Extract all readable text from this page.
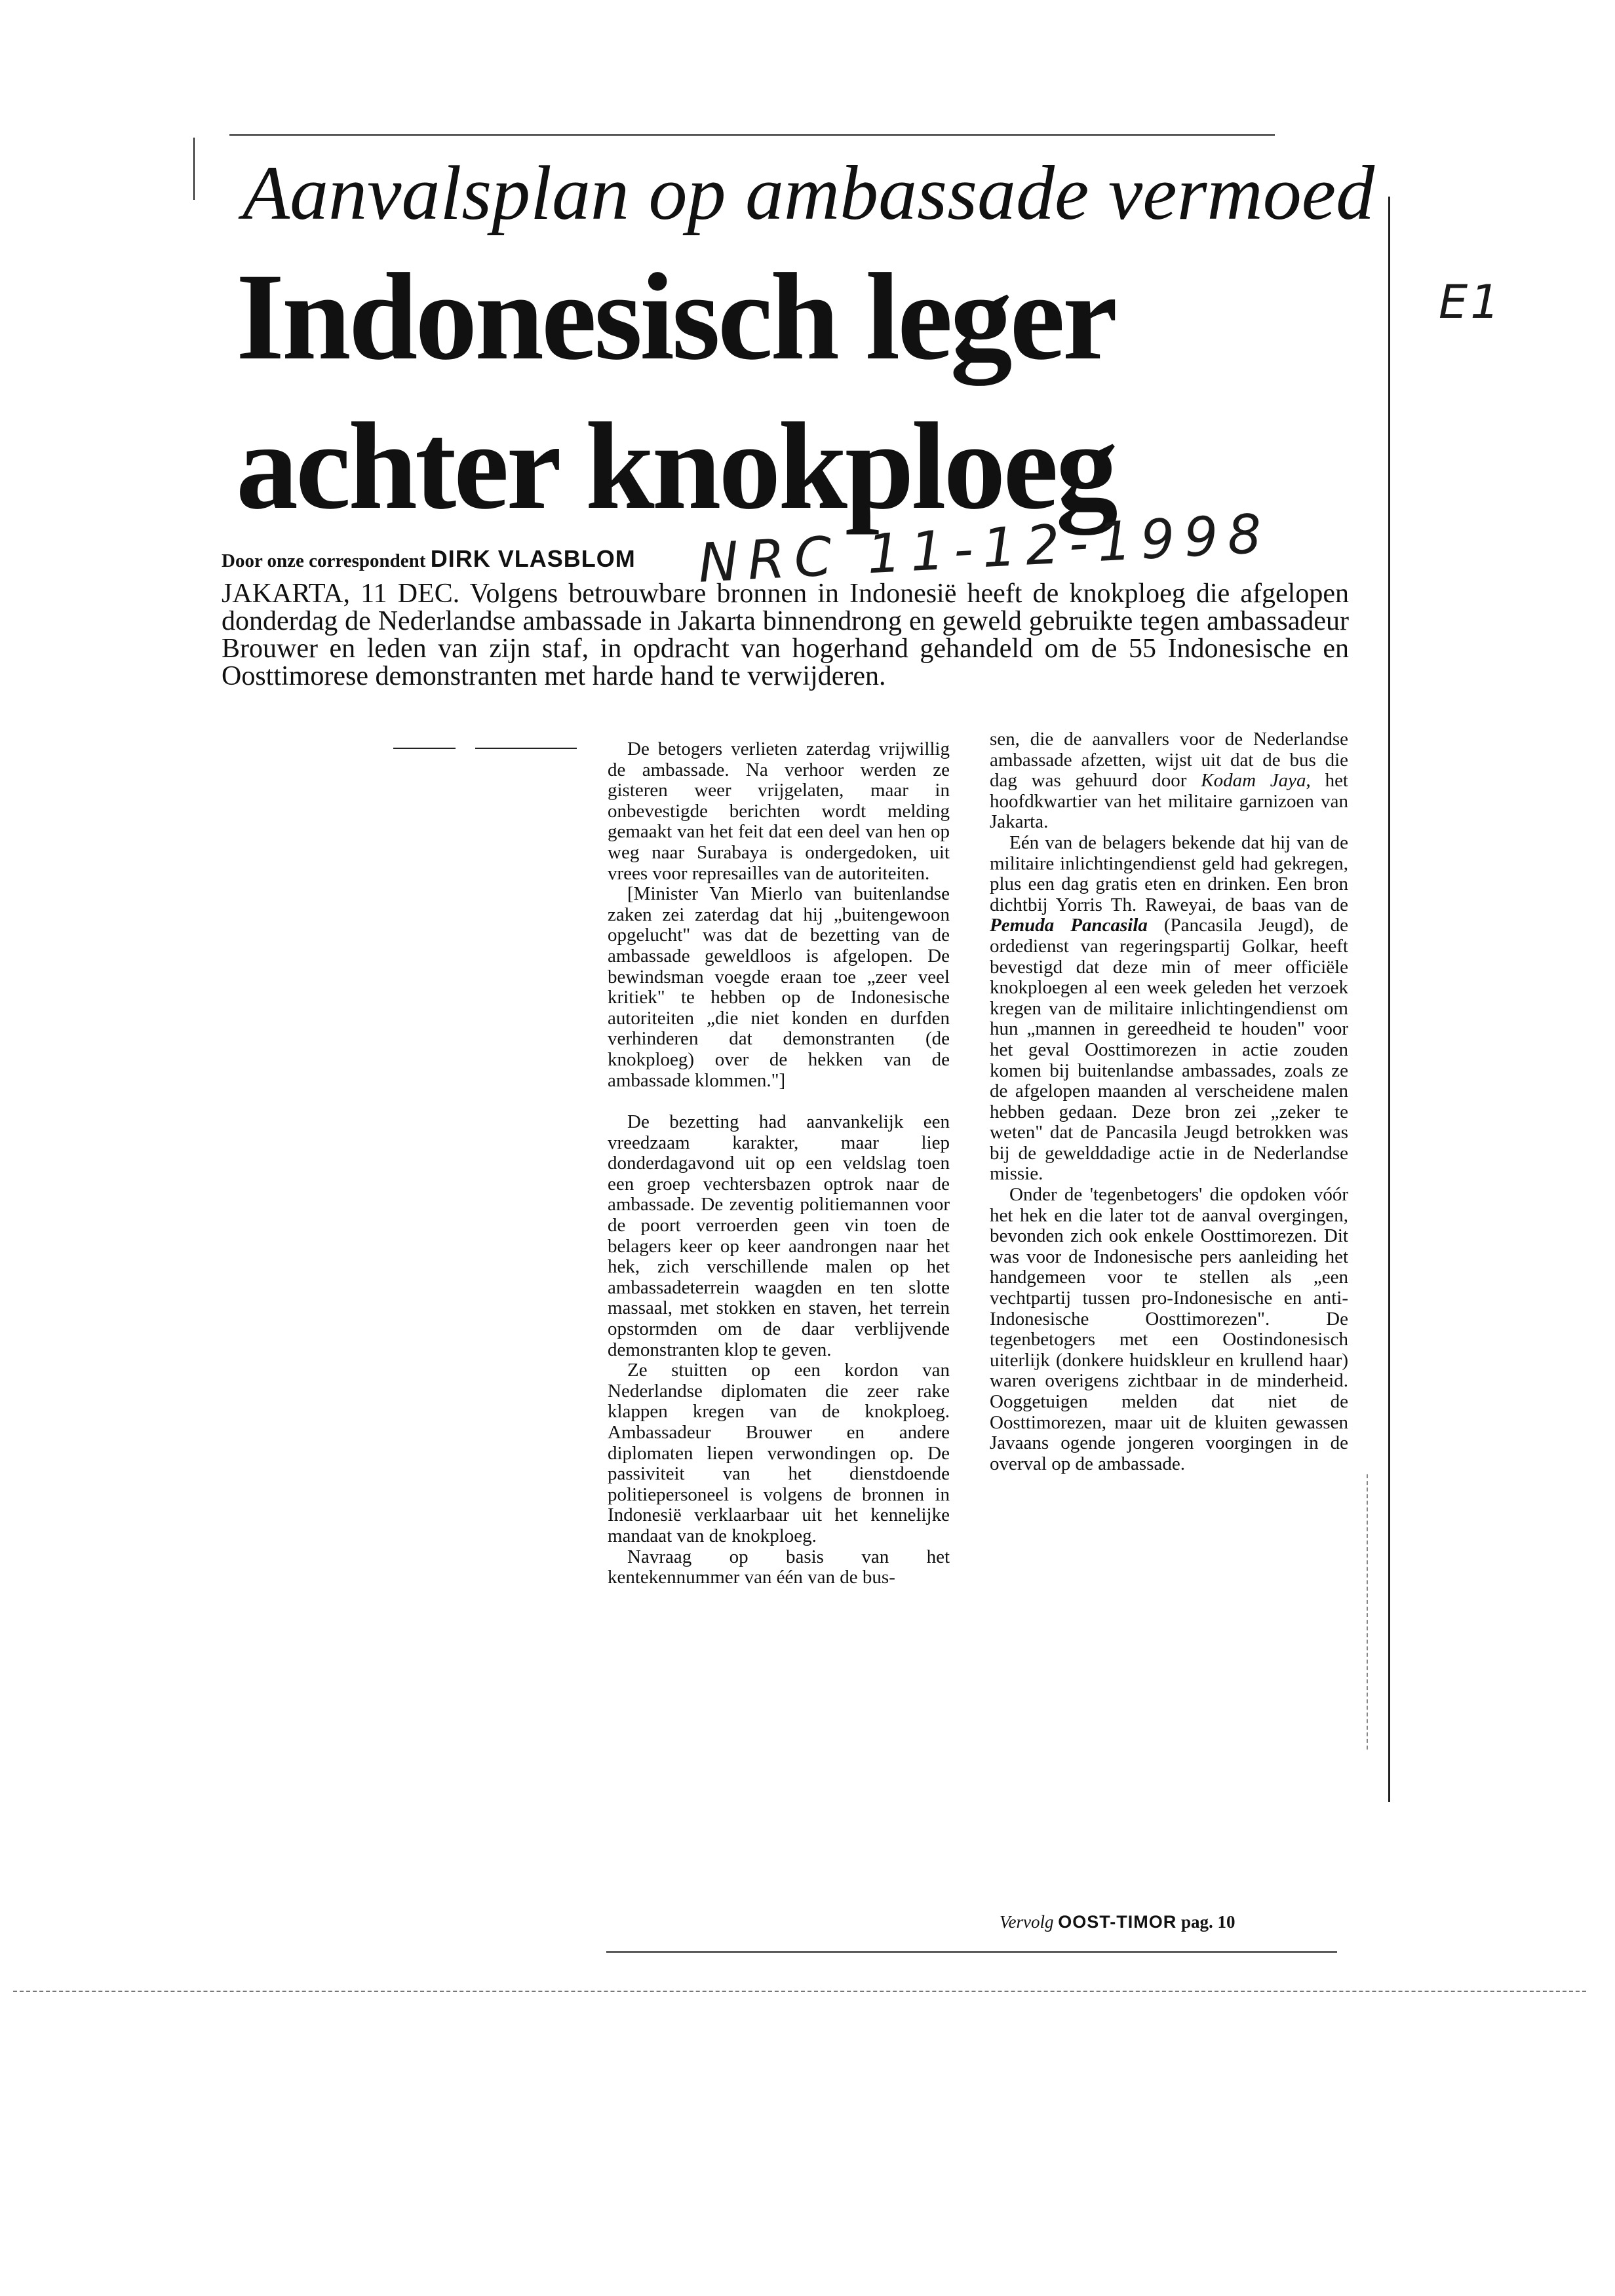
Aanvalsplan op ambassade vermoed
Indonesisch leger
achter knokploeg
Door onze correspondent DIRK VLASBLOM	NRC 11-12-1998
E1
JAKARTA, 11 DEC. Volgens betrouwbare bronnen in Indonesië heeft de knokploeg die afgelopen donderdag de Nederlandse ambassade in Jakarta binnendrong en geweld gebruikte tegen ambassadeur Brouwer en leden van zijn staf, in opdracht van hogerhand gehandeld om de 55 Indonesische en Oosttimorese demonstranten met harde hand te verwijderen.

De betogers verlieten zaterdag vrijwillig de ambassade. Na verhoor werden ze gisteren weer vrijgelaten, maar in onbevestigde berichten wordt melding gemaakt van het feit dat een deel van hen op weg naar Surabaya is ondergedoken, uit vrees voor represailles van de autoriteiten.

[Minister Van Mierlo van buitenlandse zaken zei zaterdag dat hij „buitengewoon opgelucht" was dat de bezetting van de ambassade geweldloos is afgelopen. De bewindsman voegde eraan toe „zeer veel kritiek" te hebben op de Indonesische autoriteiten „die niet konden en durfden verhinderen dat demonstranten (de knokploeg) over de hekken van de ambassade klommen."]

De bezetting had aanvankelijk een vreedzaam karakter, maar liep donderdagavond uit op een veldslag toen een groep vechtersbazen optrok naar de ambassade. De zeventig politiemannen voor de poort verroerden geen vin toen de belagers keer op keer aandrongen naar het hek, zich verschillende malen op het ambassadeterrein waagden en ten slotte massaal, met stokken en staven, het terrein opstormden om de daar verblijvende demonstranten klop te geven.

Ze stuitten op een kordon van Nederlandse diplomaten die zeer rake klappen kregen van de knokploeg. Ambassadeur Brouwer en andere diplomaten liepen verwondingen op. De passiviteit van het dienstdoende politiepersoneel is volgens de bronnen in Indonesië verklaarbaar uit het kennelijke mandaat van de knokploeg.

Navraag op basis van het kentekennummer van één van de bus-

sen, die de aanvallers voor de Nederlandse ambassade afzetten, wijst uit dat de bus die dag was gehuurd door Kodam Jaya, het hoofdkwartier van het militaire garnizoen van Jakarta.

Eén van de belagers bekende dat hij van de militaire inlichtingendienst geld had gekregen, plus een dag gratis eten en drinken. Een bron dichtbij Yorris Th. Raweyai, de baas van de Pemuda Pancasila (Pancasila Jeugd), de ordedienst van regeringspartij Golkar, heeft bevestigd dat deze min of meer officiële knokploegen al een week geleden het verzoek kregen van de militaire inlichtingendienst om hun „mannen in gereedheid te houden" voor het geval Oosttimorezen in actie zouden komen bij buitenlandse ambassades, zoals ze de afgelopen maanden al verscheidene malen hebben gedaan. Deze bron zei „zeker te weten" dat de Pancasila Jeugd betrokken was bij de gewelddadige actie in de Nederlandse missie.

Onder de 'tegenbetogers' die opdoken vóór het hek en die later tot de aanval overgingen, bevonden zich ook enkele Oosttimorezen. Dit was voor de Indonesische pers aanleiding het handgemeen voor te stellen als „een vechtpartij tussen pro-Indonesische en anti-Indonesische Oosttimorezen". De tegenbetogers met een Oostindonesisch uiterlijk (donkere huidskleur en krullend haar) waren overigens zichtbaar in de minderheid. Ooggetuigen melden dat niet de Oosttimorezen, maar uit de kluiten gewassen Javaans ogende jongeren voorgingen in de overval op de ambassade.

Vervolg OOST-TIMOR pag. 10
